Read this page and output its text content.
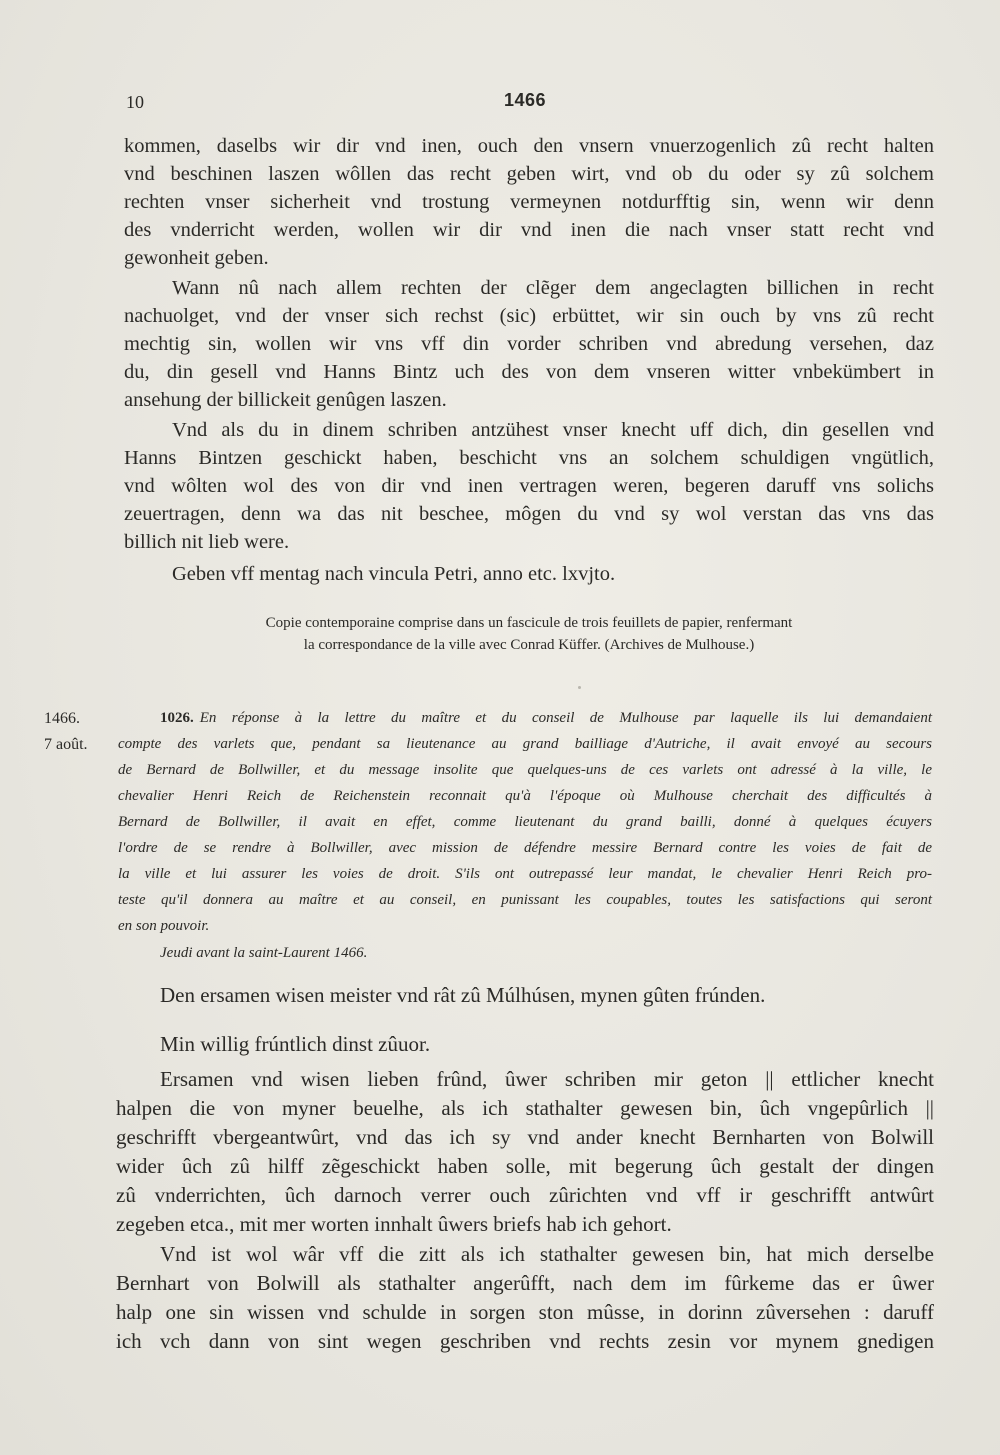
10	1466
kommen, daselbs wir dir vnd inen, ouch den vnsern vnuerzogenlich zû recht halten
vnd beschinen laszen wôllen das recht geben wirt, vnd ob du oder sy zû solchem
rechten vnser sicherheit vnd trostung vermeynen notdurfftig sin, wenn wir denn
des vnderricht werden, wollen wir dir vnd inen die nach vnser statt recht vnd
gewonheit geben.
Wann nû nach allem rechten der clẽger dem angeclagten billichen in recht
nachuolget, vnd der vnser sich rechst (sic) erbüttet, wir sin ouch by vns zû recht
mechtig sin, wollen wir vns vff din vorder schriben vnd abredung versehen, daz
du, din gesell vnd Hanns Bintz uch des von dem vnseren witter vnbekümbert in
ansehung der billickeit genûgen laszen.
Vnd als du in dinem schriben antzühest vnser knecht uff dich, din gesellen vnd
Hanns Bintzen geschickt haben, beschicht vns an solchem schuldigen vngütlich,
vnd wôlten wol des von dir vnd inen vertragen weren, begeren daruff vns solichs
zeuertragen, denn wa das nit beschee, môgen du vnd sy wol verstan das vns das
billich nit lieb were.
Geben vff mentag nach vincula Petri, anno etc. lxvjto.
Copie contemporaine comprise dans un fascicule de trois feuillets de papier, renfermant
la correspondance de la ville avec Conrad Küffer. (Archives de Mulhouse.)
1466.
7 août.
1026. En réponse à la lettre du maître et du conseil de Mulhouse par laquelle ils lui demandaient
compte des varlets que, pendant sa lieutenance au grand bailliage d'Autriche, il avait envoyé au secours
de Bernard de Bollwiller, et du message insolite que quelques-uns de ces varlets ont adressé à la ville, le
chevalier Henri Reich de Reichenstein reconnait qu'à l'époque où Mulhouse cherchait des difficultés à
Bernard de Bollwiller, il avait en effet, comme lieutenant du grand bailli, donné à quelques écuyers
l'ordre de se rendre à Bollwiller, avec mission de défendre messire Bernard contre les voies de fait de
la ville et lui assurer les voies de droit. S'ils ont outrepassé leur mandat, le chevalier Henri Reich pro-
teste qu'il donnera au maître et au conseil, en punissant les coupables, toutes les satisfactions qui seront
en son pouvoir.
Jeudi avant la saint-Laurent 1466.
Den ersamen wisen meister vnd rât zû Múlhúsen, mynen gûten frúnden.
Min willig frúntlich dinst zûuor.
Ersamen vnd wisen lieben frûnd, ûwer schriben mir geton || ettlicher knecht
halpen die von myner beuelhe, als ich stathalter gewesen bin, ûch vngepûrlich ||
geschrifft vbergeantwûrt, vnd das ich sy vnd ander knecht Bernharten von Bolwill
wider ûch zû hilff zẽgeschickt haben solle, mit begerung ûch gestalt der dingen
zû vnderrichten, ûch darnoch verrer ouch zûrichten vnd vff ir geschrifft antwûrt
zegeben etca., mit mer worten innhalt ûwers briefs hab ich gehort.
Vnd ist wol wâr vff die zitt als ich stathalter gewesen bin, hat mich derselbe
Bernhart von Bolwill als stathalter angerûfft, nach dem im fûrkeme das er ûwer
halp one sin wissen vnd schulde in sorgen ston mûsse, in dorinn zûversehen : daruff
ich vch dann von sint wegen geschriben vnd rechts zesin vor mynem gnedigen
